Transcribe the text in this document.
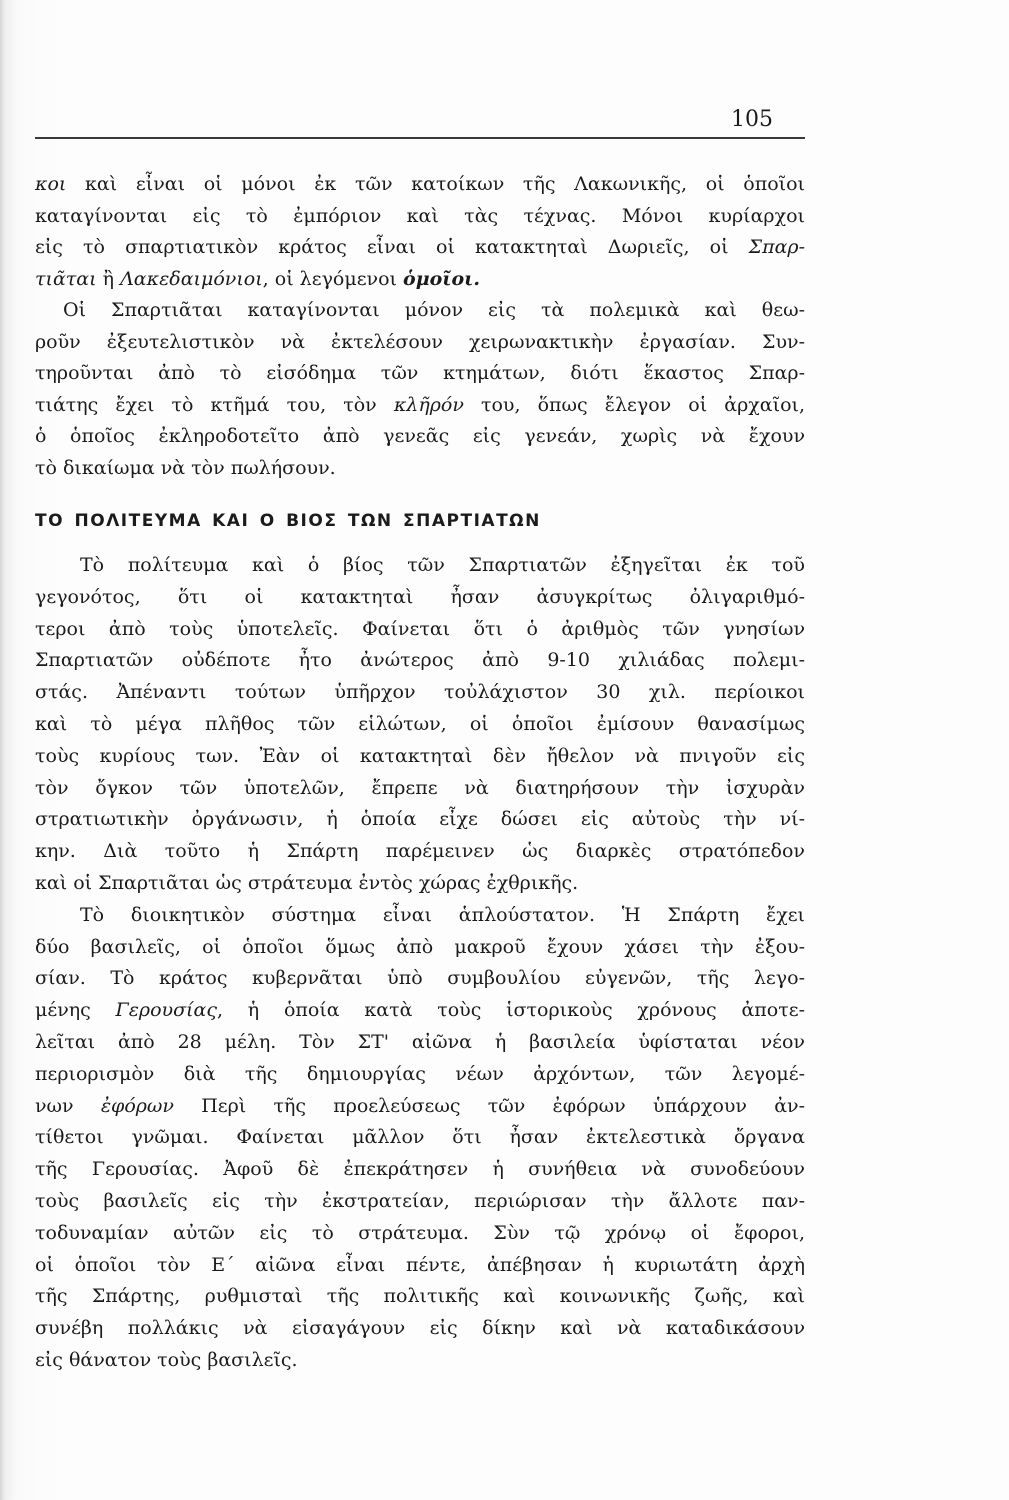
105
κοι καὶ εἶναι οἱ μόνοι ἐκ τῶν κατοίκων τῆς Λακωνικῆς, οἱ ὁποῖοι
καταγίνονται εἰς τὸ ἐμπόριον καὶ τὰς τέχνας. Μόνοι κυρίαρχοι
εἰς τὸ σπαρτιατικὸν κράτος εἶναι οἱ κατακτηταὶ Δωριεῖς, οἱ Σπαρ-
τιᾶται ἢ Λακεδαιμόνιοι, οἱ λεγόμενοι ὁμοῖοι.
Οἱ Σπαρτιᾶται καταγίνονται μόνον εἰς τὰ πολεμικὰ καὶ θεω-
ροῦν ἐξευτελιστικὸν νὰ ἐκτελέσουν χειρωνακτικὴν ἐργασίαν. Συν-
τηροῦνται ἀπὸ τὸ εἰσόδημα τῶν κτημάτων, διότι ἕκαστος Σπαρ-
τιάτης ἔχει τὸ κτῆμά του, τὸν κλῆρόν του, ὅπως ἔλεγον οἱ ἀρχαῖοι,
ὁ ὁποῖος ἐκληροδοτεῖτο ἀπὸ γενεᾶς εἰς γενεάν, χωρὶς νὰ ἔχουν
τὸ δικαίωμα νὰ τὸν πωλήσουν.
ΤΟ ΠΟΛΙΤΕΥΜΑ ΚΑΙ Ο ΒΙΟΣ ΤΩΝ ΣΠΑΡΤΙΑΤΩΝ
Τὸ πολίτευμα καὶ ὁ βίος τῶν Σπαρτιατῶν ἐξηγεῖται ἐκ τοῦ
γεγονότος, ὅτι οἱ κατακτηταὶ ἦσαν ἀσυγκρίτως ὀλιγαριθμό-
τεροι ἀπὸ τοὺς ὑποτελεῖς. Φαίνεται ὅτι ὁ ἀριθμὸς τῶν γνησίων
Σπαρτιατῶν οὐδέποτε ἦτο ἀνώτερος ἀπὸ 9-10 χιλιάδας πολεμι-
στάς. Ἀπέναντι τούτων ὑπῆρχον τοὐλάχιστον 30 χιλ. περίοικοι
καὶ τὸ μέγα πλῆθος τῶν εἱλώτων, οἱ ὁποῖοι ἐμίσουν θανασίμως
τοὺς κυρίους των. Ἐὰν οἱ κατακτηταὶ δὲν ἤθελον νὰ πνιγοῦν εἰς
τὸν ὄγκον τῶν ὑποτελῶν, ἔπρεπε νὰ διατηρήσουν τὴν ἰσχυρὰν
στρατιωτικὴν ὀργάνωσιν, ἡ ὁποία εἶχε δώσει εἰς αὐτοὺς τὴν νί-
κην. Διὰ τοῦτο ἡ Σπάρτη παρέμεινεν ὡς διαρκὲς στρατόπεδον
καὶ οἱ Σπαρτιᾶται ὡς στράτευμα ἐντὸς χώρας ἐχθρικῆς.
Τὸ διοικητικὸν σύστημα εἶναι ἁπλούστατον. Ἡ Σπάρτη ἔχει
δύο βασιλεῖς, οἱ ὁποῖοι ὅμως ἀπὸ μακροῦ ἔχουν χάσει τὴν ἐξου-
σίαν. Τὸ κράτος κυβερνᾶται ὑπὸ συμβουλίου εὐγενῶν, τῆς λεγο-
μένης Γερουσίας, ἡ ὁποία κατὰ τοὺς ἱστορικοὺς χρόνους ἀποτε-
λεῖται ἀπὸ 28 μέλη. Τὸν ΣΤ' αἰῶνα ἡ βασιλεία ὑφίσταται νέον
περιορισμὸν διὰ τῆς δημιουργίας νέων ἀρχόντων, τῶν λεγομέ-
νων ἐφόρων Περὶ τῆς προελεύσεως τῶν ἐφόρων ὑπάρχουν ἀν-
τίθετοι γνῶμαι. Φαίνεται μᾶλλον ὅτι ἦσαν ἐκτελεστικὰ ὄργανα
τῆς Γερουσίας. Ἀφοῦ δὲ ἐπεκράτησεν ἡ συνήθεια νὰ συνοδεύουν
τοὺς βασιλεῖς εἰς τὴν ἐκστρατείαν, περιώρισαν τὴν ἄλλοτε παν-
τοδυναμίαν αὐτῶν εἰς τὸ στράτευμα. Σὺν τῷ χρόνῳ οἱ ἔφοροι,
οἱ ὁποῖοι τὸν Ε΄ αἰῶνα εἶναι πέντε, ἀπέβησαν ἡ κυριωτάτη ἀρχὴ
τῆς Σπάρτης, ρυθμισταὶ τῆς πολιτικῆς καὶ κοινωνικῆς ζωῆς, καὶ
συνέβη πολλάκις νὰ εἰσαγάγουν εἰς δίκην καὶ νὰ καταδικάσουν
εἰς θάνατον τοὺς βασιλεῖς.
